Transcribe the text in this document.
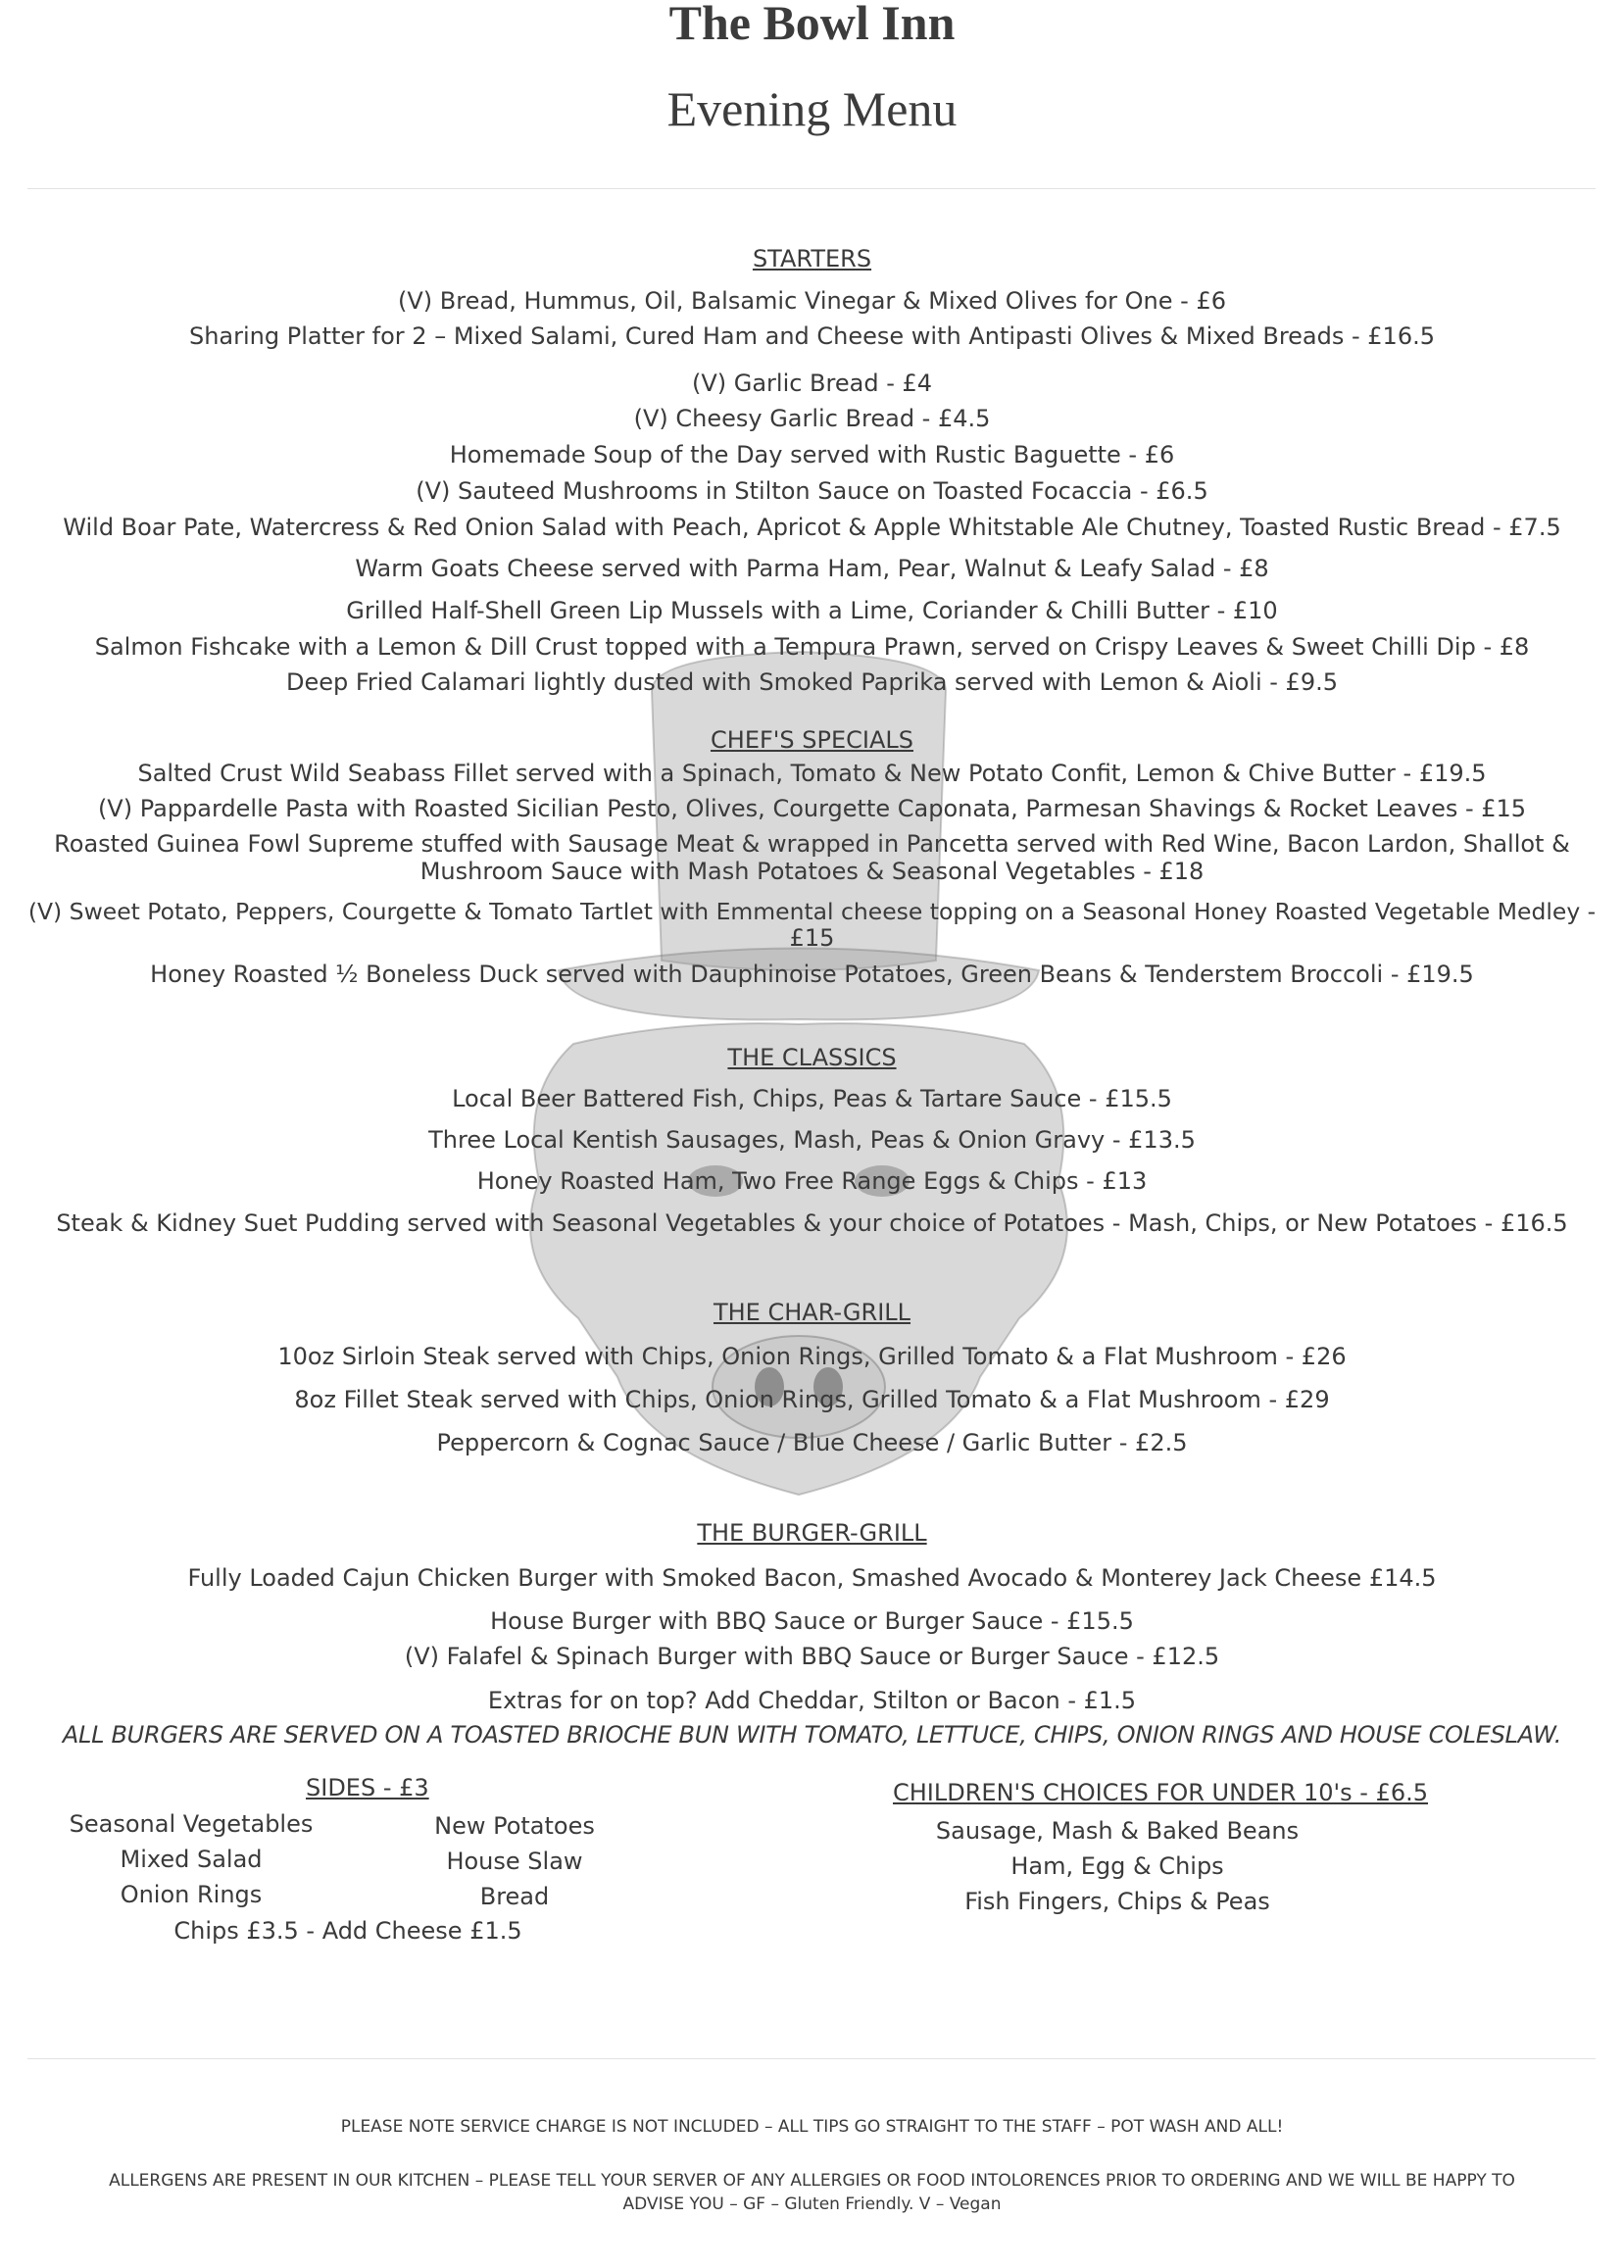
The Bowl Inn
Evening Menu
STARTERS
(V) Bread, Hummus, Oil, Balsamic Vinegar & Mixed Olives for One - £6
Sharing Platter for 2 – Mixed Salami, Cured Ham and Cheese with Antipasti Olives & Mixed Breads - £16.5
(V) Garlic Bread - £4
(V) Cheesy Garlic Bread - £4.5
Homemade Soup of the Day served with Rustic Baguette - £6
(V) Sauteed Mushrooms in Stilton Sauce on Toasted Focaccia - £6.5
Wild Boar Pate, Watercress & Red Onion Salad with Peach, Apricot & Apple Whitstable Ale Chutney, Toasted Rustic Bread - £7.5
Warm Goats Cheese served with Parma Ham, Pear, Walnut & Leafy Salad - £8
Grilled Half-Shell Green Lip Mussels with a Lime, Coriander & Chilli Butter - £10
Salmon Fishcake with a Lemon & Dill Crust topped with a Tempura Prawn, served on Crispy Leaves & Sweet Chilli Dip - £8
Deep Fried Calamari lightly dusted with Smoked Paprika served with Lemon & Aioli - £9.5
CHEF'S SPECIALS
Salted Crust Wild Seabass Fillet served with a Spinach, Tomato & New Potato Confit, Lemon & Chive Butter - £19.5
(V) Pappardelle Pasta with Roasted Sicilian Pesto, Olives, Courgette Caponata, Parmesan Shavings & Rocket Leaves - £15
Roasted Guinea Fowl Supreme stuffed with Sausage Meat & wrapped in Pancetta served with Red Wine, Bacon Lardon, Shallot &
Mushroom Sauce with Mash Potatoes & Seasonal Vegetables - £18
(V) Sweet Potato, Peppers, Courgette & Tomato Tartlet with Emmental cheese topping on a Seasonal Honey Roasted Vegetable Medley -
£15
Honey Roasted ½ Boneless Duck served with Dauphinoise Potatoes, Green Beans & Tenderstem Broccoli - £19.5
THE CLASSICS
Local Beer Battered Fish, Chips, Peas & Tartare Sauce - £15.5
Three Local Kentish Sausages, Mash, Peas & Onion Gravy - £13.5
Honey Roasted Ham, Two Free Range Eggs & Chips - £13
Steak & Kidney Suet Pudding served with Seasonal Vegetables & your choice of Potatoes - Mash, Chips, or New Potatoes - £16.5
THE CHAR-GRILL
10oz Sirloin Steak served with Chips, Onion Rings, Grilled Tomato & a Flat Mushroom - £26
8oz Fillet Steak served with Chips, Onion Rings, Grilled Tomato & a Flat Mushroom - £29
Peppercorn & Cognac Sauce / Blue Cheese / Garlic Butter - £2.5
THE BURGER-GRILL
Fully Loaded Cajun Chicken Burger with Smoked Bacon, Smashed Avocado & Monterey Jack Cheese £14.5
House Burger with BBQ Sauce or Burger Sauce - £15.5
(V) Falafel & Spinach Burger with BBQ Sauce or Burger Sauce - £12.5
Extras for on top? Add Cheddar, Stilton or Bacon - £1.5
ALL BURGERS ARE SERVED ON A TOASTED BRIOCHE BUN WITH TOMATO, LETTUCE, CHIPS, ONION RINGS AND HOUSE COLESLAW.
SIDES - £3
Seasonal Vegetables
Mixed Salad
Onion Rings
New Potatoes
House Slaw
Bread
Chips £3.5 - Add Cheese £1.5
CHILDREN'S CHOICES FOR UNDER 10's - £6.5
Sausage, Mash & Baked Beans
Ham, Egg & Chips
Fish Fingers, Chips & Peas
PLEASE NOTE SERVICE CHARGE IS NOT INCLUDED – ALL TIPS GO STRAIGHT TO THE STAFF – POT WASH AND ALL!
ALLERGENS ARE PRESENT IN OUR KITCHEN – PLEASE TELL YOUR SERVER OF ANY ALLERGIES OR FOOD INTOLORENCES PRIOR TO ORDERING AND WE WILL BE HAPPY TO
ADVISE YOU – GF – Gluten Friendly. V – Vegan
